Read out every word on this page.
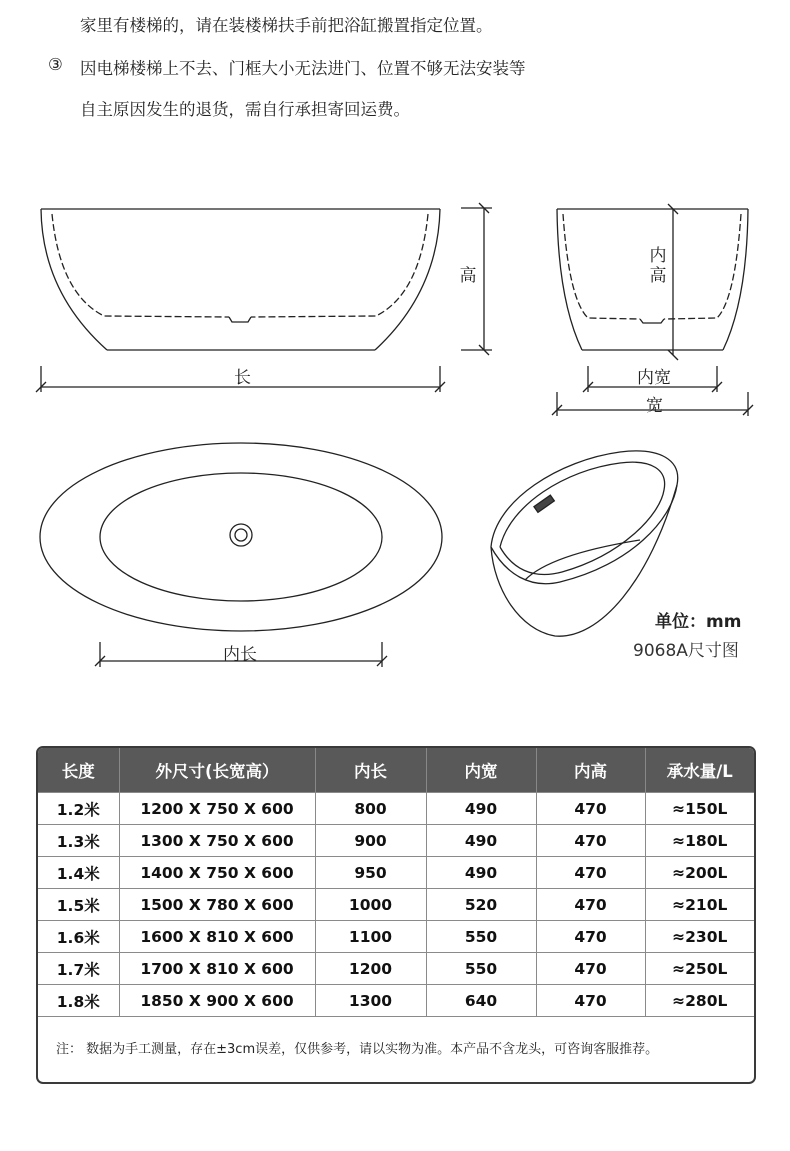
家里有楼梯的，请在装楼梯扶手前把浴缸搬置指定位置。
③ 因电梯楼梯上不去、门框大小无法进门、位置不够无法安装等
自主原因发生的退货，需自行承担寄回运费。
长
高
内高
内宽
宽
内长
单位：mm
9068A尺寸图
长度	外尺寸(长宽高）	内长	内宽	内高	承水量/L
1.2米	1200 X 750 X 600	800	490	470	≈150L
1.3米	1300 X 750 X 600	900	490	470	≈180L
1.4米	1400 X 750 X 600	950	490	470	≈200L
1.5米	1500 X 780 X 600	1000	520	470	≈210L
1.6米	1600 X 810 X 600	1100	550	470	≈230L
1.7米	1700 X 810 X 600	1200	550	470	≈250L
1.8米	1850 X 900 X 600	1300	640	470	≈280L
注： 数据为手工测量，存在±3cm误差，仅供参考，请以实物为准。本产品不含龙头，可咨询客服推荐。
